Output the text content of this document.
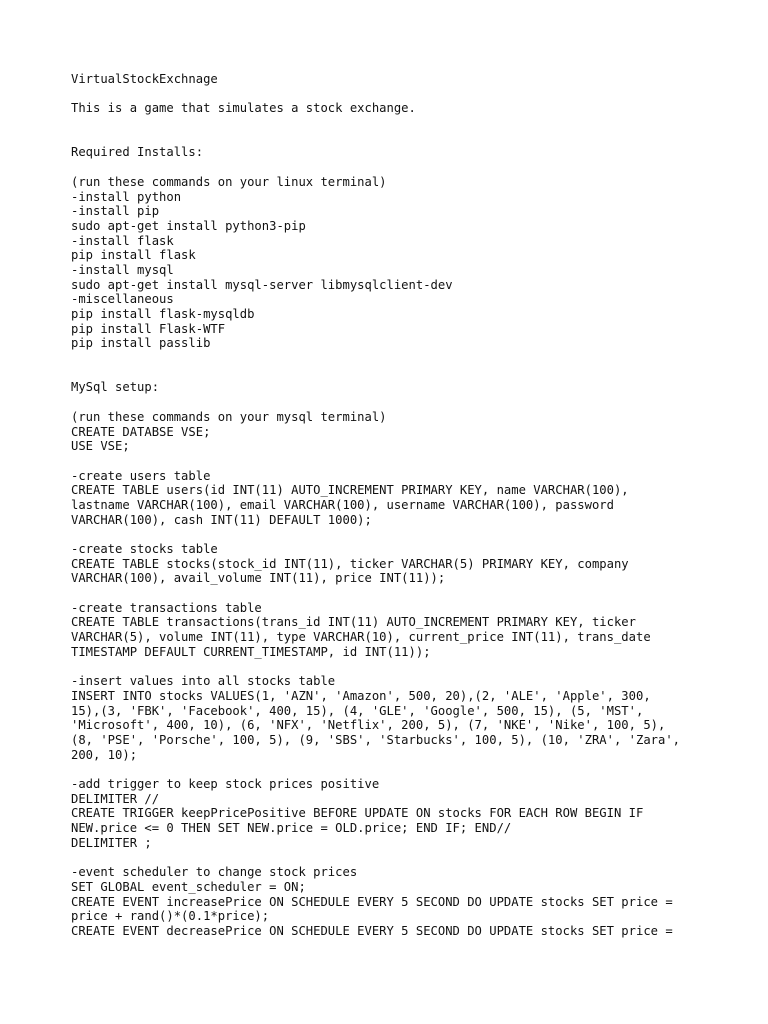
VirtualStockExchnage
This is a game that simulates a stock exchange.
Required Installs:
(run these commands on your linux terminal)
-install python
-install pip
sudo apt-get install python3-pip
-install flask
pip install flask
-install mysql
sudo apt-get install mysql-server libmysqlclient-dev
-miscellaneous
pip install flask-mysqldb
pip install Flask-WTF
pip install passlib
MySql setup:
(run these commands on your mysql terminal)
CREATE DATABSE VSE;
USE VSE;
-create users table
CREATE TABLE users(id INT(11) AUTO_INCREMENT PRIMARY KEY, name VARCHAR(100),
lastname VARCHAR(100), email VARCHAR(100), username VARCHAR(100), password
VARCHAR(100), cash INT(11) DEFAULT 1000);
-create stocks table
CREATE TABLE stocks(stock_id INT(11), ticker VARCHAR(5) PRIMARY KEY, company
VARCHAR(100), avail_volume INT(11), price INT(11));
-create transactions table
CREATE TABLE transactions(trans_id INT(11) AUTO_INCREMENT PRIMARY KEY, ticker
VARCHAR(5), volume INT(11), type VARCHAR(10), current_price INT(11), trans_date
TIMESTAMP DEFAULT CURRENT_TIMESTAMP, id INT(11));
-insert values into all stocks table
INSERT INTO stocks VALUES(1, 'AZN', 'Amazon', 500, 20),(2, 'ALE', 'Apple', 300,
15),(3, 'FBK', 'Facebook', 400, 15), (4, 'GLE', 'Google', 500, 15), (5, 'MST',
'Microsoft', 400, 10), (6, 'NFX', 'Netflix', 200, 5), (7, 'NKE', 'Nike', 100, 5),
(8, 'PSE', 'Porsche', 100, 5), (9, 'SBS', 'Starbucks', 100, 5), (10, 'ZRA', 'Zara',
200, 10);
-add trigger to keep stock prices positive
DELIMITER //
CREATE TRIGGER keepPricePositive BEFORE UPDATE ON stocks FOR EACH ROW BEGIN IF
NEW.price <= 0 THEN SET NEW.price = OLD.price; END IF; END//
DELIMITER ;
-event scheduler to change stock prices
SET GLOBAL event_scheduler = ON;
CREATE EVENT increasePrice ON SCHEDULE EVERY 5 SECOND DO UPDATE stocks SET price =
price + rand()*(0.1*price);
CREATE EVENT decreasePrice ON SCHEDULE EVERY 5 SECOND DO UPDATE stocks SET price =
